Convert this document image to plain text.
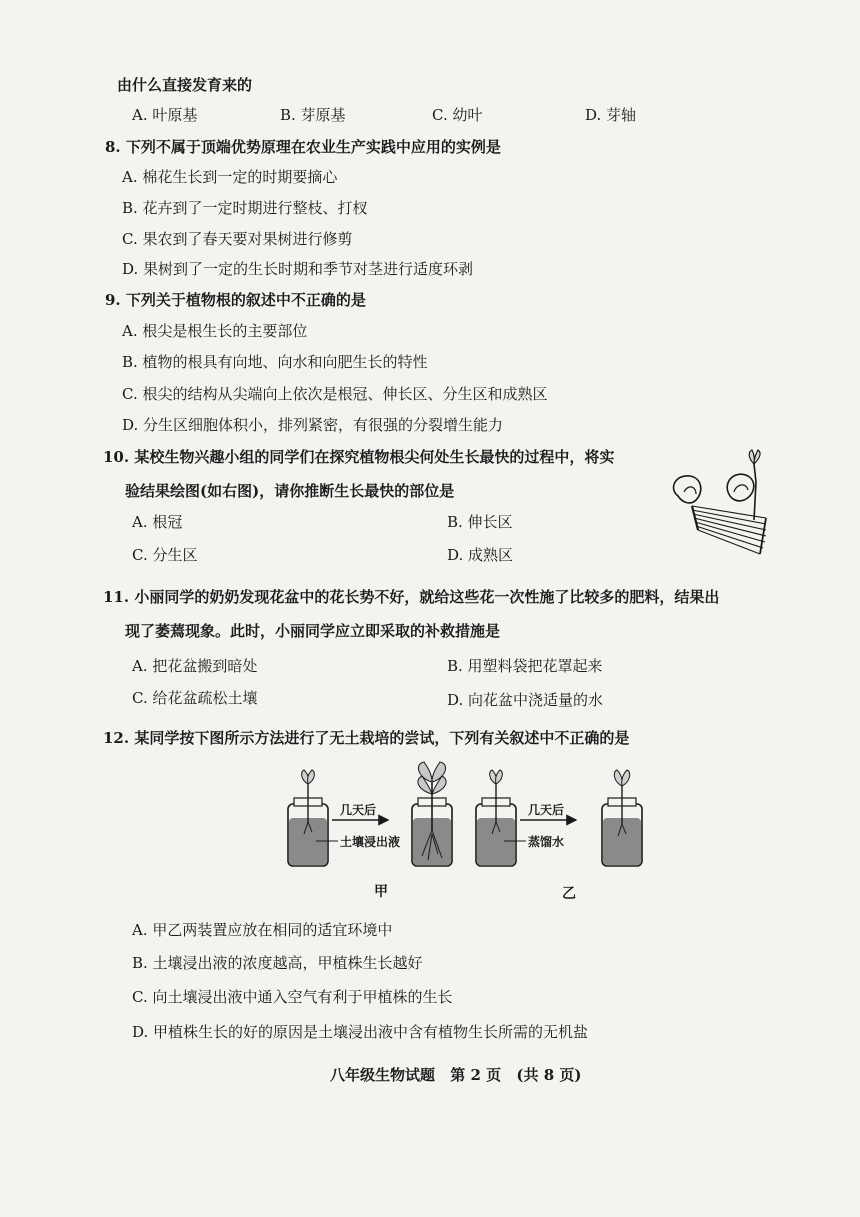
由什么直接发育来的
A. 叶原基	B. 芽原基	C. 幼叶	D. 芽轴
8. 下列不属于顶端优势原理在农业生产实践中应用的实例是
A. 棉花生长到一定的时期要摘心
B. 花卉到了一定时期进行整枝、打杈
C. 果农到了春天要对果树进行修剪
D. 果树到了一定的生长时期和季节对茎进行适度环剥
9. 下列关于植物根的叙述中不正确的是
A. 根尖是根生长的主要部位
B. 植物的根具有向地、向水和向肥生长的特性
C. 根尖的结构从尖端向上依次是根冠、伸长区、分生区和成熟区
D. 分生区细胞体积小，排列紧密，有很强的分裂增生能力
10. 某校生物兴趣小组的同学们在探究植物根尖何处生长最快的过程中，将实
验结果绘图(如右图)，请你推断生长最快的部位是
A. 根冠	B. 伸长区
C. 分生区	D. 成熟区
11. 小丽同学的奶奶发现花盆中的花长势不好，就给这些花一次性施了比较多的肥料，结果出
现了萎蔫现象。此时，小丽同学应立即采取的补救措施是
A. 把花盆搬到暗处	B. 用塑料袋把花罩起来
C. 给花盆疏松土壤	D. 向花盆中浇适量的水
12. 某同学按下图所示方法进行了无土栽培的尝试，下列有关叙述中不正确的是
几天后
土壤浸出液
几天后
蒸馏水
甲	乙
A. 甲乙两装置应放在相同的适宜环境中
B. 土壤浸出液的浓度越高，甲植株生长越好
C. 向土壤浸出液中通入空气有利于甲植株的生长
D. 甲植株生长的好的原因是土壤浸出液中含有植物生长所需的无机盐
八年级生物试题 第 2 页 (共 8 页)
